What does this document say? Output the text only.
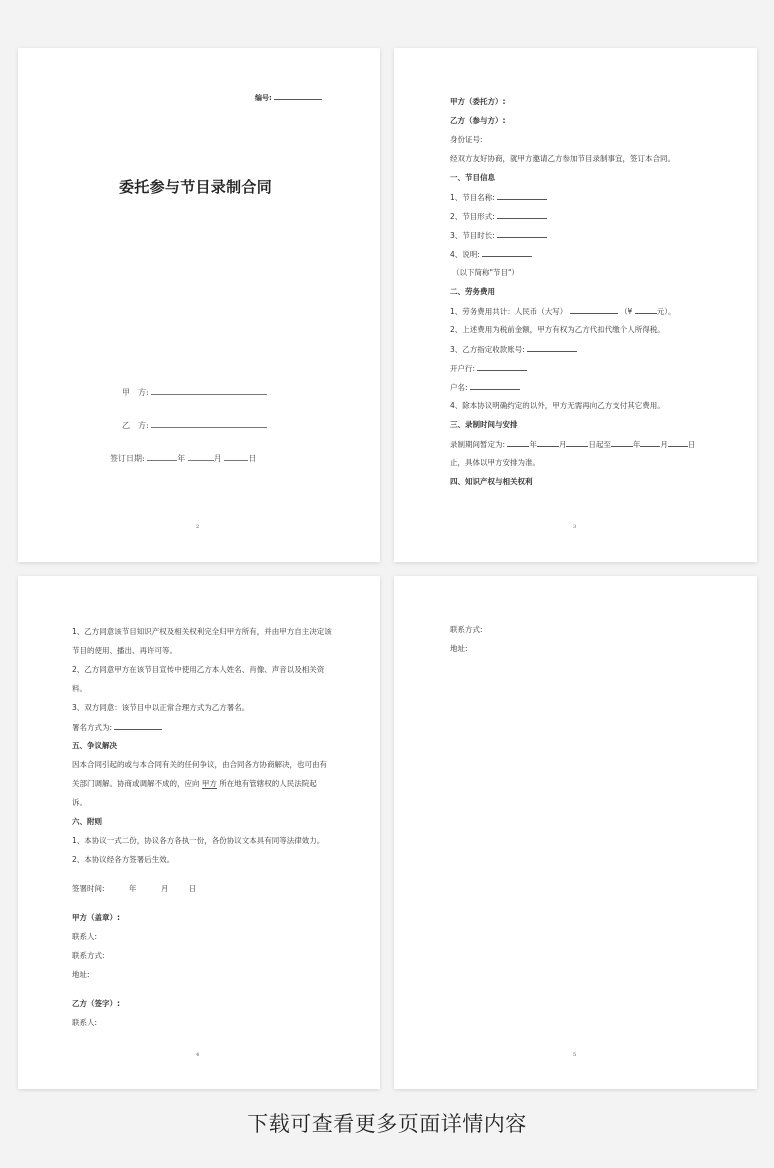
编号:
委托参与节目录制合同
甲　方:
乙　方:
签订日期:	年	月	日
2

甲方（委托方）:
乙方（参与方）:
身份证号:
经双方友好协商，就甲方邀请乙方参加节目录制事宜，签订本合同。
一、节目信息
1、节目名称:
2、节目形式:
3、节目时长:
4、说明:
（以下简称"节目"）
二、劳务费用
1、劳务费用共计：人民币（大写）	（¥	元）。
2、上述费用为税前金额，甲方有权为乙方代扣代缴个人所得税。
3、乙方指定收款账号:
开户行:
户名:
4、除本协议明确约定的以外，甲方无需再向乙方支付其它费用。
三、录制时间与安排
录制期间暂定为:	年	月	日起至	年	月	日
止，具体以甲方安排为准。
四、知识产权与相关权利
3
1、乙方同意该节目知识产权及相关权利完全归甲方所有，并由甲方自主决定该
节目的使用、播出、再许可等。
2、乙方同意甲方在该节目宣传中使用乙方本人姓名、肖像、声音以及相关资
料。
3、双方同意：该节目中以正常合理方式为乙方署名。
署名方式为:
五、争议解决
因本合同引起的或与本合同有关的任何争议，由合同各方协商解决，也可由有
关部门调解。协商或调解不成的，应向 甲方 所在地有管辖权的人民法院起
诉。
六、附则
1、本协议一式二份，协议各方各执一份，各份协议文本具有同等法律效力。
2、本协议经各方签署后生效。
签署时间:	年	月	日

甲方（盖章）:
联系人:
联系方式:
地址:
乙方（签字）:
联系人:
4
联系方式:
地址:

5
下载可查看更多页面详情内容
